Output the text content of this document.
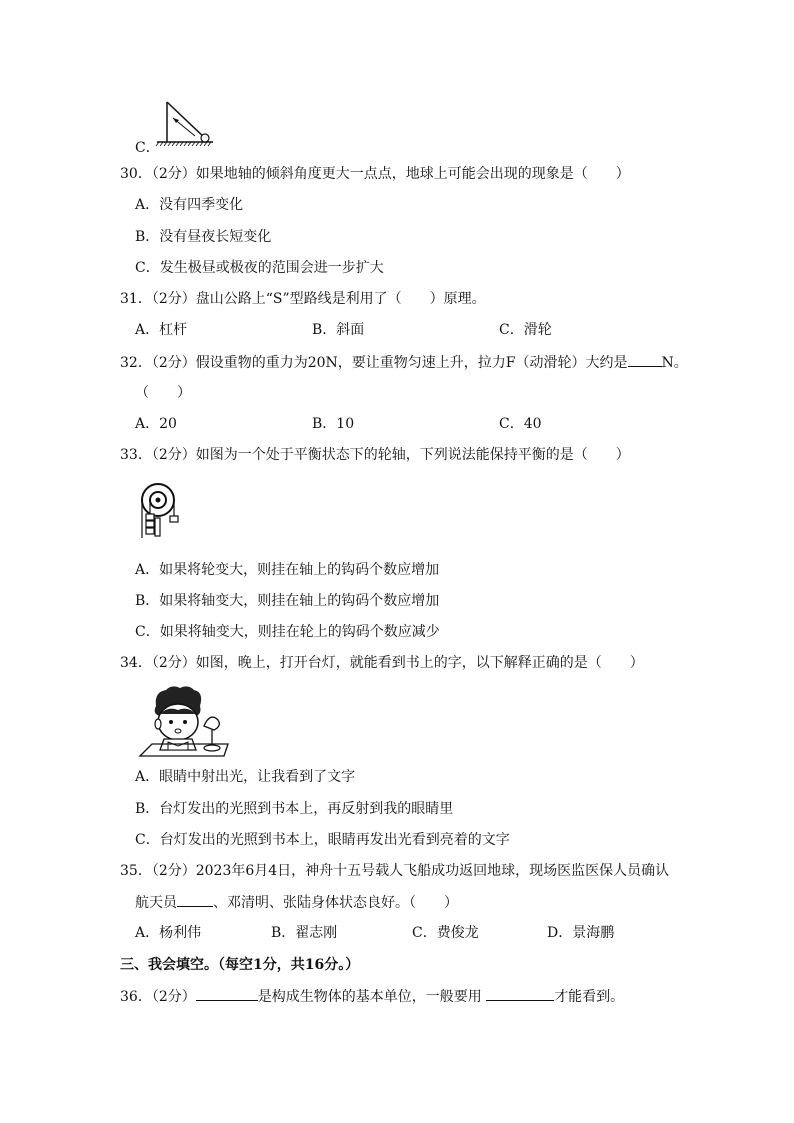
C．
30．（2分）如果地轴的倾斜角度更大一点点，地球上可能会出现的现象是（　　）
A．没有四季变化
B．没有昼夜长短变化
C．发生极昼或极夜的范围会进一步扩大
31．（2分）盘山公路上“S”型路线是利用了（　　）原理。
A．杠杆	B．斜面	C．滑轮
32．（2分）假设重物的重力为20N，要让重物匀速上升，拉力F（动滑轮）大约是 N。
（　　）
A．20	B．10	C．40
33．（2分）如图为一个处于平衡状态下的轮轴，下列说法能保持平衡的是（　　）
A．如果将轮变大，则挂在轴上的钩码个数应增加
B．如果将轴变大，则挂在轴上的钩码个数应增加
C．如果将轴变大，则挂在轮上的钩码个数应减少
34．（2分）如图，晚上，打开台灯，就能看到书上的字，以下解释正确的是（　　）
A．眼睛中射出光，让我看到了文字
B．台灯发出的光照到书本上，再反射到我的眼睛里
C．台灯发出的光照到书本上，眼睛再发出光看到亮着的文字
35．（2分）2023年6月4日，神舟十五号载人飞船成功返回地球，现场医监医保人员确认
航天员	、邓清明、张陆身体状态良好。（　　）
A．杨利伟	B．翟志刚	C．费俊龙	D．景海鹏
三、我会填空。（每空1分，共16分。）
36．（2分）	是构成生物体的基本单位，一般要用	才能看到。
